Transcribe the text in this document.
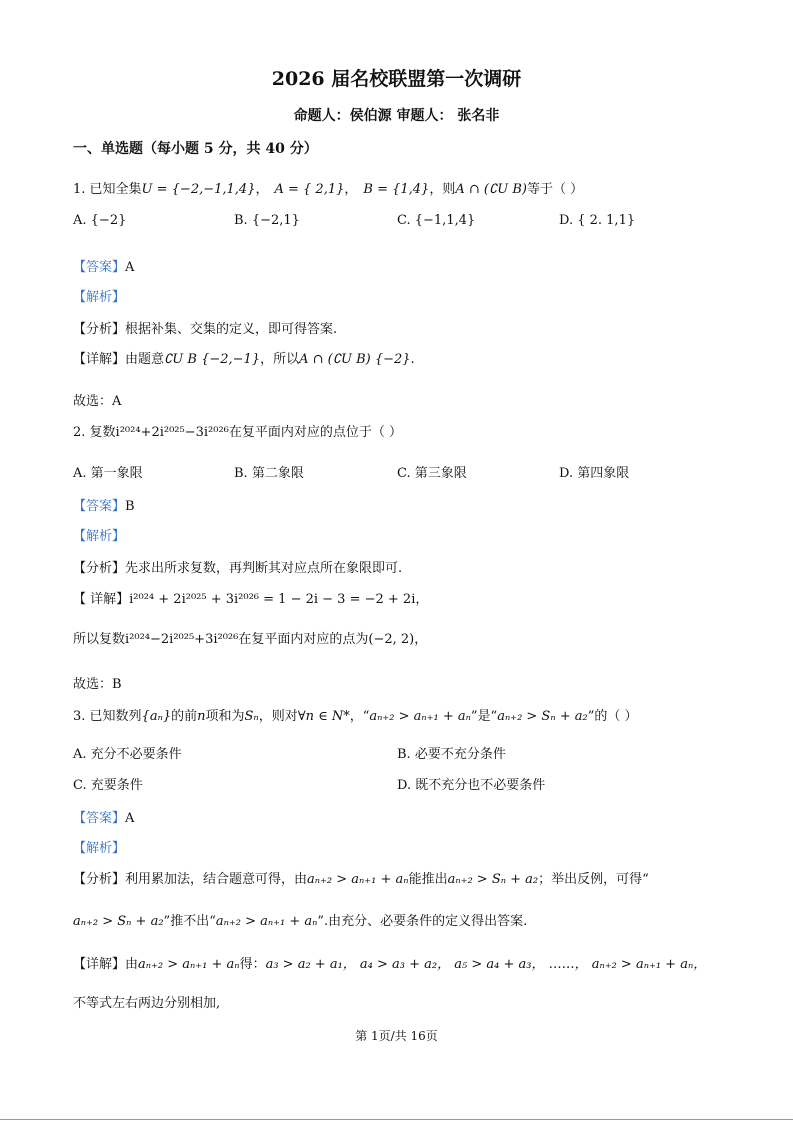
2026 届名校联盟第一次调研
命题人：侯伯源 审题人： 张名非
一、单选题（每小题 5 分，共 40 分）
1. 已知全集U = {−2,−1,1,4}， A = { 2,1}， B = {1,4}，则A ∩ (∁U B)等于（ ）
A. {−2}	B. {−2,1}	C. {−1,1,4}	D. { 2. 1,1}
【答案】A
【解析】
【分析】根据补集、交集的定义，即可得答案.
【详解】由题意∁U B {−2,−1}，所以A ∩ (∁U B) {−2}.
故选：A
2. 复数i²⁰²⁴+2i²⁰²⁵−3i²⁰²⁶在复平面内对应的点位于（ ）
A. 第一象限	B. 第二象限	C. 第三象限	D. 第四象限
【答案】B
【解析】
【分析】先求出所求复数，再判断其对应点所在象限即可.
【 详解】i²⁰²⁴ + 2i²⁰²⁵ + 3i²⁰²⁶ = 1 − 2i − 3 = −2 + 2i，
所以复数i²⁰²⁴−2i²⁰²⁵+3i²⁰²⁶在复平面内对应的点为(−2, 2)，
故选：B
3. 已知数列{aₙ}的前n项和为Sₙ，则对∀n ∈ N*，“aₙ₊₂ > aₙ₊₁ + aₙ”是“aₙ₊₂ > Sₙ + a₂”的（ ）
A. 充分不必要条件	B. 必要不充分条件
C. 充要条件	D. 既不充分也不必要条件
【答案】A
【解析】
【分析】利用累加法，结合题意可得，由aₙ₊₂ > aₙ₊₁ + aₙ能推出aₙ₊₂ > Sₙ + a₂；举出反例，可得“
aₙ₊₂ > Sₙ + a₂”推不出“aₙ₊₂ > aₙ₊₁ + aₙ”.由充分、必要条件的定义得出答案.
【详解】由aₙ₊₂ > aₙ₊₁ + aₙ得：a₃ > a₂ + a₁， a₄ > a₃ + a₂， a₅ > a₄ + a₃， ……， aₙ₊₂ > aₙ₊₁ + aₙ，
不等式左右两边分别相加,
第 1页/共 16页
